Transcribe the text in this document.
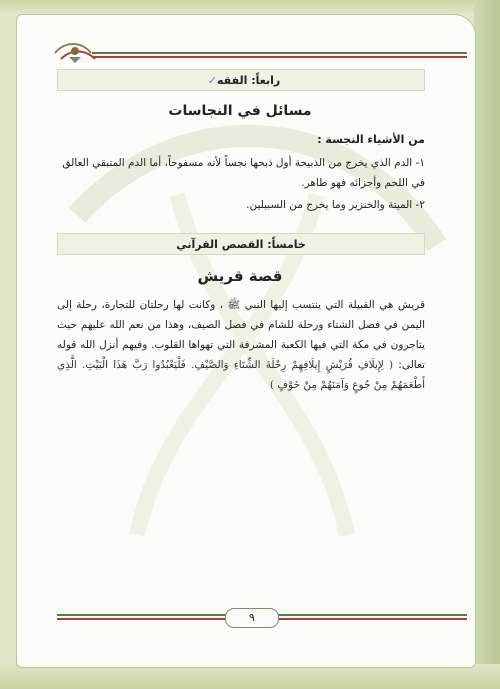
رابعاً: الفقه
✓
مسائل في النجاسات
من الأشياء النجسة :
١- الدم الذي يخرج من الذبيحة أول ذبحها نجساً لأنه مسفوحاً، أما الدم المتبقي العالق في اللحم وأجزائه فهو طاهر.
٢- الميتة والخنزير وما يخرج من السبيلين.
خامساً: القصص القرآني
قصة قريش
قريش هي القبيلة التي ينتسب إليها النبي ﷺ ، وكانت لها رحلتان للتجارة، رحلة إلى اليمن في فصل الشتاء ورحلة للشام في فصل الصيف، وهذا من نعم الله عليهم حيث يتاجرون في مكة التي فيها الكعبة المشرفة التي تهواها القلوب. وفيهم أنزل الله قوله تعالى: ( لِإِيلَافِ قُرَيْشٍ إِيلَافِهِمْ رِحْلَةَ الشِّتَاءِ وَالصَّيْفِ. فَلْيَعْبُدُوا رَبَّ هَذَا الْبَيْتِ. الَّذِي أَطْعَمَهُمْ مِنْ جُوعٍ وَآمَنَهُمْ مِنْ خَوْفٍ )
٩
